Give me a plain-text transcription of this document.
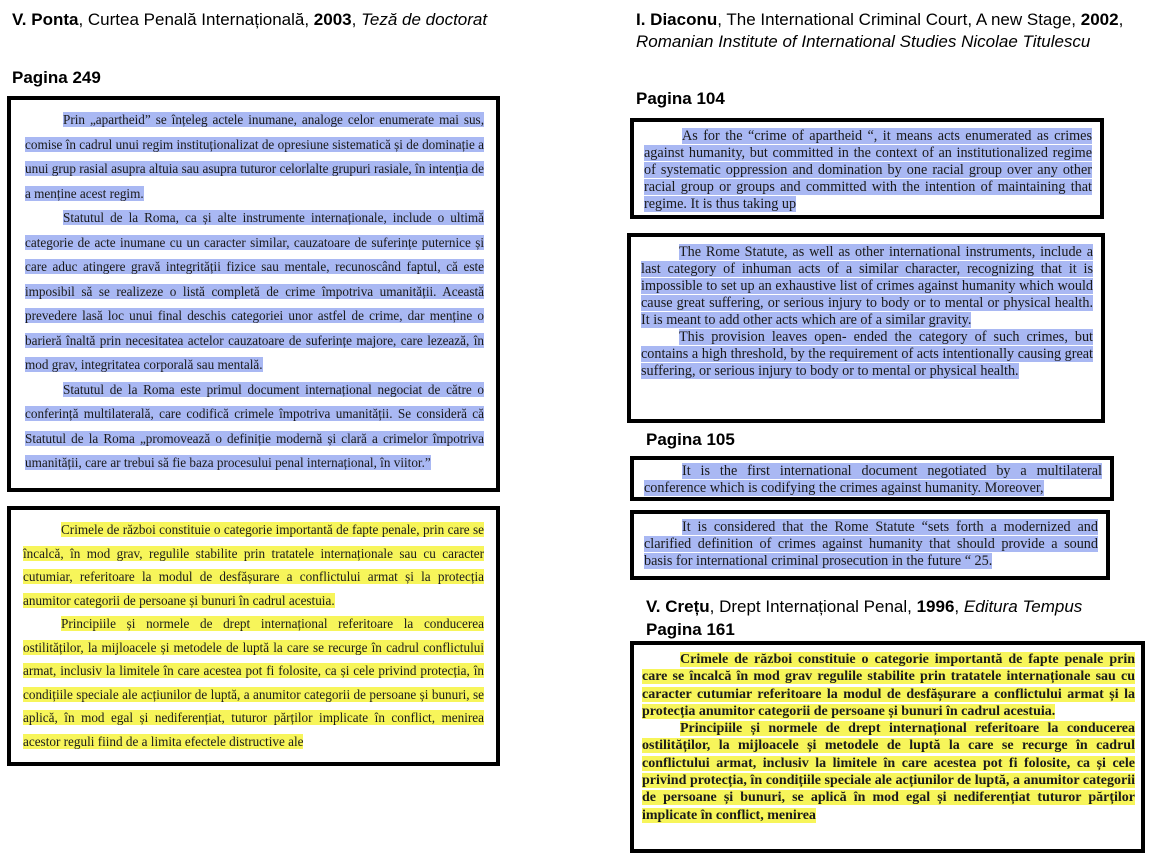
V. Ponta, Curtea Penală Internațională, 2003, Teză de doctorat
Pagina 249

Prin „apartheid” se înțeleg actele inumane, analoge celor enumerate mai sus, comise în cadrul unui regim instituționalizat de opresiune sistematică și de dominație a unui grup rasial asupra altuia sau asupra tuturor celorlalte grupuri rasiale, în intenția de a menține acest regim.

Statutul de la Roma, ca și alte instrumente internaționale, include o ultimă categorie de acte inumane cu un caracter similar, cauzatoare de suferințe puternice și care aduc atingere gravă integrității fizice sau mentale, recunoscând faptul, că este imposibil să se realizeze o listă completă de crime împotriva umanității. Această prevedere lasă loc unui final deschis categoriei unor astfel de crime, dar menține o barieră înaltă prin necesitatea actelor cauzatoare de suferințe majore, care lezează, în mod grav, integritatea corporală sau mentală.

Statutul de la Roma este primul document internațional negociat de către o conferință multilaterală, care codifică crimele împotriva umanității. Se consideră că Statutul de la Roma „promovează o definiție modernă și clară a crimelor împotriva umanității, care ar trebui să fie baza procesului penal internațional, în viitor.”

Crimele de război constituie o categorie importantă de fapte penale, prin care se încalcă, în mod grav, regulile stabilite prin tratatele internaționale sau cu caracter cutumiar, referitoare la modul de desfășurare a conflictului armat și la protecția anumitor categorii de persoane și bunuri în cadrul acestuia.

Principiile și normele de drept internațional referitoare la conducerea ostilităților, la mijloacele și metodele de luptă la care se recurge în cadrul conflictului armat, inclusiv la limitele în care acestea pot fi folosite, ca și cele privind protecția, în condițiile speciale ale acțiunilor de luptă, a anumitor categorii de persoane și bunuri, se aplică, în mod egal și nediferențiat, tuturor părților implicate în conflict, menirea acestor reguli fiind de a limita efectele distructive ale

I. Diaconu, The International Criminal Court, A new Stage, 2002, Romanian Institute of International Studies Nicolae Titulescu
Pagina 104

As for the “crime of apartheid “, it means acts enumerated as crimes against humanity, but committed in the context of an institutionalized regime of systematic oppression and domination by one racial group over any other racial group or groups and committed with the intention of maintaining that regime. It is thus taking up

The Rome Statute, as well as other international instruments, include a last category of inhuman acts of a similar character, recognizing that it is impossible to set up an exhaustive list of crimes against humanity which would cause great suffering, or serious injury to body or to mental or physical health. It is meant to add other acts which are of a similar gravity.

This provision leaves open- ended the category of such crimes, but contains a high threshold, by the requirement of acts intentionally causing great suffering, or serious injury to body or to mental or physical health.

Pagina 105

It is the first international document negotiated by a multilateral conference which is codifying the crimes against humanity. Moreover,

It is considered that the Rome Statute “sets forth a modernized and clarified definition of crimes against humanity that should provide a sound basis for international criminal prosecution in the future “ 25.

V. Crețu, Drept Internațional Penal, 1996, Editura Tempus
Pagina 161

Crimele de război constituie o categorie importantă de fapte penale prin care se încalcă în mod grav regulile stabilite prin tratatele internaționale sau cu caracter cutumiar referitoare la modul de desfășurare a conflictului armat și la protecția anumitor categorii de persoane și bunuri în cadrul acestuia.

Principiile și normele de drept internațional referitoare la conducerea ostilităților, la mijloacele și metodele de luptă la care se recurge în cadrul conflictului armat, inclusiv la limitele în care acestea pot fi folosite, ca și cele privind protecția, în condițiile speciale ale acțiunilor de luptă, a anumitor categorii de persoane și bunuri, se aplică în mod egal și nediferențiat tuturor părților implicate în conflict, menirea
